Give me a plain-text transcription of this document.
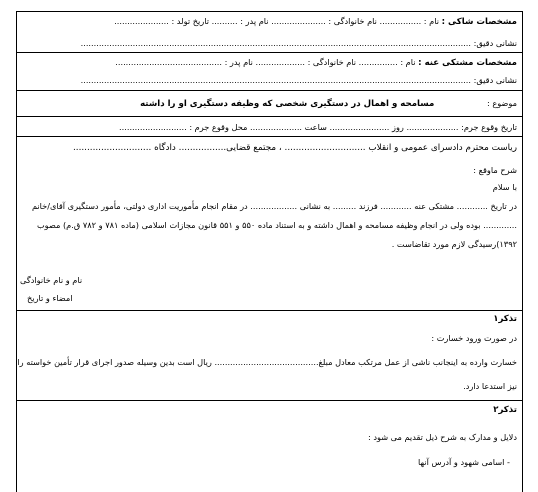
مشخصات شاکی : نام : ................ نام خانوادگی : ..................... نام پدر : .......... تاریخ تولد : .....................
نشانی دقیق: ......................................................................................................................................................
مشخصات مشتکی عنه : نام : ............... نام خانوادگی : ................... نام پدر : .........................................
نشانی دقیق: ......................................................................................................................................................
موضوع : مسامحه و اهمال در دستگیری شخصی که وظیفه دستگیری او را داشته
تاریخ وقوع جرم: .................... روز ....................... ساعت .................... محل وقوع جرم : ..........................
ریاست محترم دادسرای عمومی و انقلاب ............................. ، مجتمع قضایی................. دادگاه ............................
شرح ماوقع :
با سلام
در تاریخ ............ مشتکی عنه ............ فرزند ......... به نشانی .................. در مقام انجام مأموریت اداری دولتی، مأمور دستگیری آقای/خانم
............. بوده ولی در انجام وظیفه مسامحه و اهمال داشته و به استناد ماده ۵۵۰ و ۵۵۱ قانون مجازات اسلامی (ماده ۷۸۱ و ۷۸۲ ق.م) مصوب
۱۳۹۲)رسیدگی لازم مورد تقاضاست .
نام و نام خانوادگی
امضاء و تاریخ
تذکر۱
در صورت ورود خسارت :
خسارت وارده به اینجانب ناشی از عمل مرتکب معادل مبلغ........................................ ریال است بدین وسیله صدور اجرای قرار تأمین خواسته را
نیز استدعا دارد.
تذکر۲
دلایل و مدارک به شرح ذیل تقدیم می شود :
- اسامی شهود و آدرس آنها
